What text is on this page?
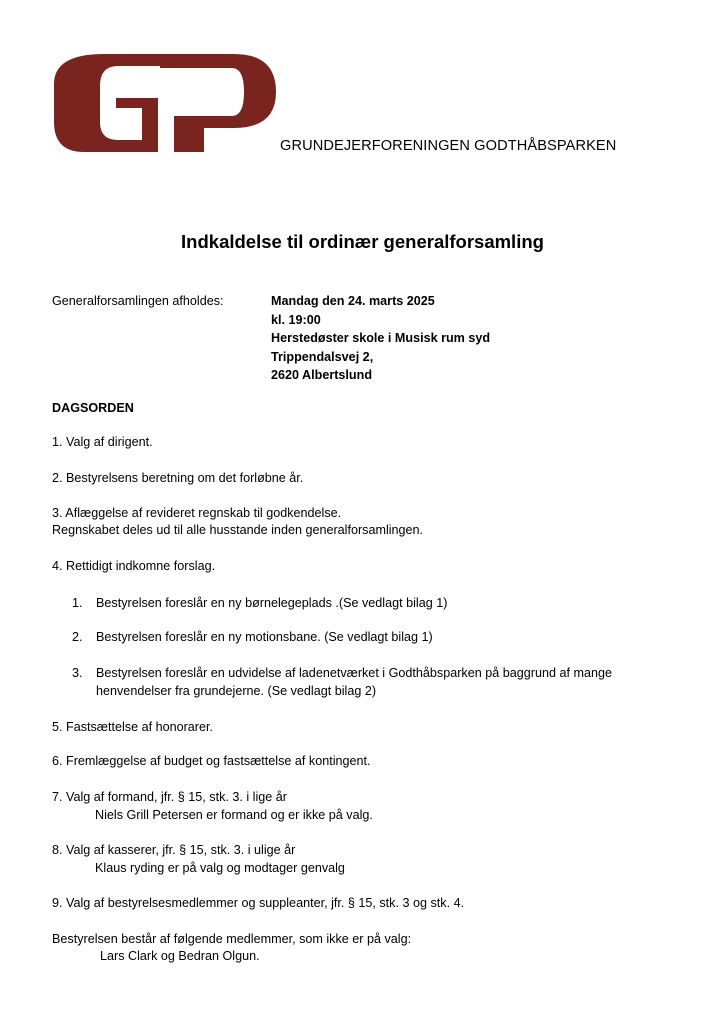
GRUNDEJERFORENINGEN GODTHÅBSPARKEN
Indkaldelse til ordinær generalforsamling
Generalforsamlingen afholdes:	Mandag den 24. marts 2025
kl. 19:00
Herstedøster skole i Musisk rum syd
Trippendalsvej 2,
2620 Albertslund
DAGSORDEN
1. Valg af dirigent.
2. Bestyrelsens beretning om det forløbne år.
3. Aflæggelse af revideret regnskab til godkendelse.
Regnskabet deles ud til alle husstande inden generalforsamlingen.
4. Rettidigt indkomne forslag.
1. Bestyrelsen foreslår en ny børnelegeplads .(Se vedlagt bilag 1)
2. Bestyrelsen foreslår en ny motionsbane. (Se vedlagt bilag 1)
3. Bestyrelsen foreslår en udvidelse af ladenetværket i Godthåbsparken på baggrund af mange
henvendelser fra grundejerne. (Se vedlagt bilag 2)
5. Fastsættelse af honorarer.
6. Fremlæggelse af budget og fastsættelse af kontingent.
7. Valg af formand, jfr. § 15, stk. 3. i lige år
Niels Grill Petersen er formand og er ikke på valg.
8. Valg af kasserer, jfr. § 15, stk. 3. i ulige år
Klaus ryding er på valg og modtager genvalg
9. Valg af bestyrelsesmedlemmer og suppleanter, jfr. § 15, stk. 3 og stk. 4.
Bestyrelsen består af følgende medlemmer, som ikke er på valg:
Lars Clark og Bedran Olgun.
